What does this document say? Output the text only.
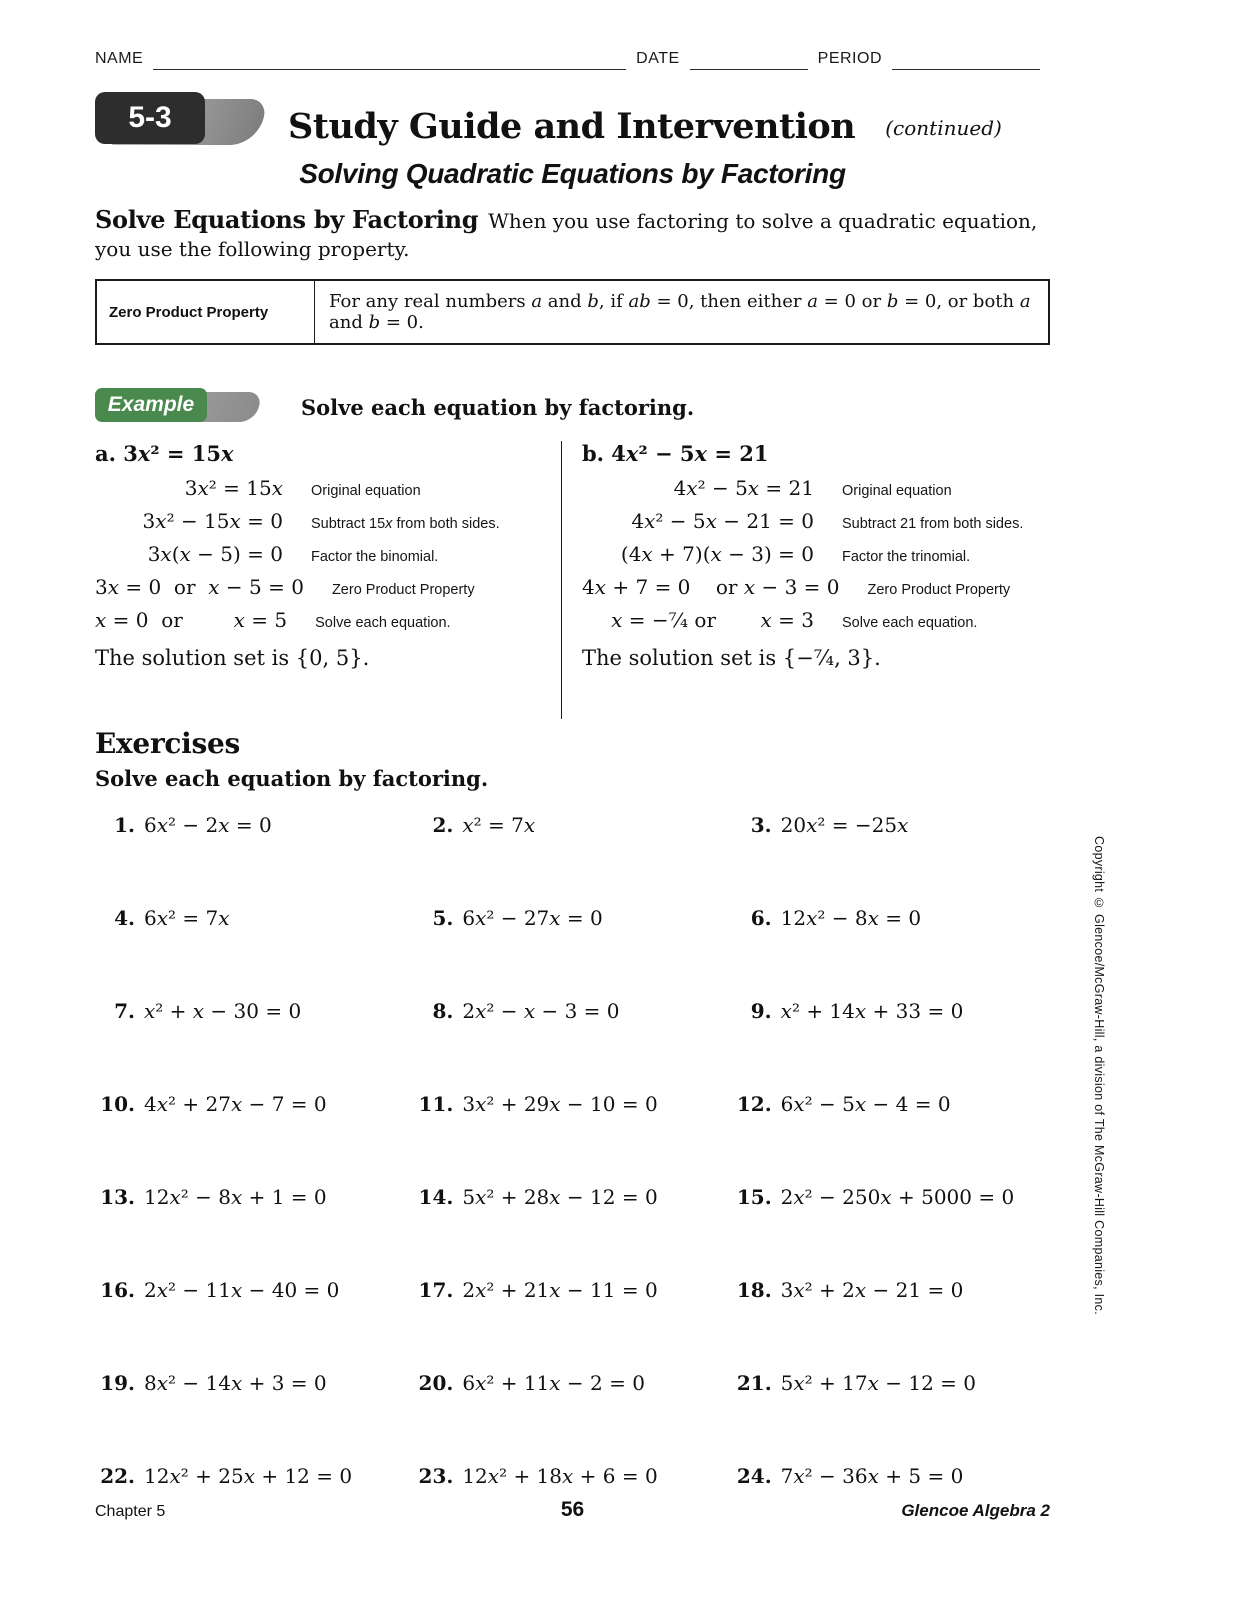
NAME	DATE	PERIOD
5-3	Study Guide and Intervention (continued)
Solving Quadratic Equations by Factoring

Solve Equations by Factoring When you use factoring to solve a quadratic equation, you use the following property.

Zero Product Property	For any real numbers a and b, if ab = 0, then either a = 0 or b = 0, or both a and b = 0.
Example	Solve each equation by factoring.
a. 3x² = 15x
3x² = 15x Original equation
3x² − 15x = 0 Subtract 15x from both sides.
3x(x − 5) = 0 Factor the binomial.
3x = 0  or  x − 5 = 0 Zero Product Property
x = 0  or        x = 5 Solve each equation.
The solution set is {0, 5}.
b. 4x² − 5x = 21
4x² − 5x = 21 Original equation
4x² − 5x − 21 = 0 Subtract 21 from both sides.
(4x + 7)(x − 3) = 0 Factor the trinomial.
4x + 7 = 0    or x − 3 = 0 Zero Product Property
x = −⁷⁄₄ or       x = 3 Solve each equation.
The solution set is {−⁷⁄₄, 3}.
Exercises
Solve each equation by factoring.
1. 6x² − 2x = 0	2. x² = 7x	3. 20x² = −25x
4. 6x² = 7x	5. 6x² − 27x = 0	6. 12x² − 8x = 0
7. x² + x − 30 = 0	8. 2x² − x − 3 = 0	9. x² + 14x + 33 = 0
10. 4x² + 27x − 7 = 0	11. 3x² + 29x − 10 = 0	12. 6x² − 5x − 4 = 0
13. 12x² − 8x + 1 = 0	14. 5x² + 28x − 12 = 0	15. 2x² − 250x + 5000 = 0
16. 2x² − 11x − 40 = 0	17. 2x² + 21x − 11 = 0	18. 3x² + 2x − 21 = 0
19. 8x² − 14x + 3 = 0	20. 6x² + 11x − 2 = 0	21. 5x² + 17x − 12 = 0
22. 12x² + 25x + 12 = 0	23. 12x² + 18x + 6 = 0	24. 7x² − 36x + 5 = 0
Chapter 5	56	Glencoe Algebra 2
Copyright © Glencoe/McGraw-Hill, a division of The McGraw-Hill Companies, Inc.
